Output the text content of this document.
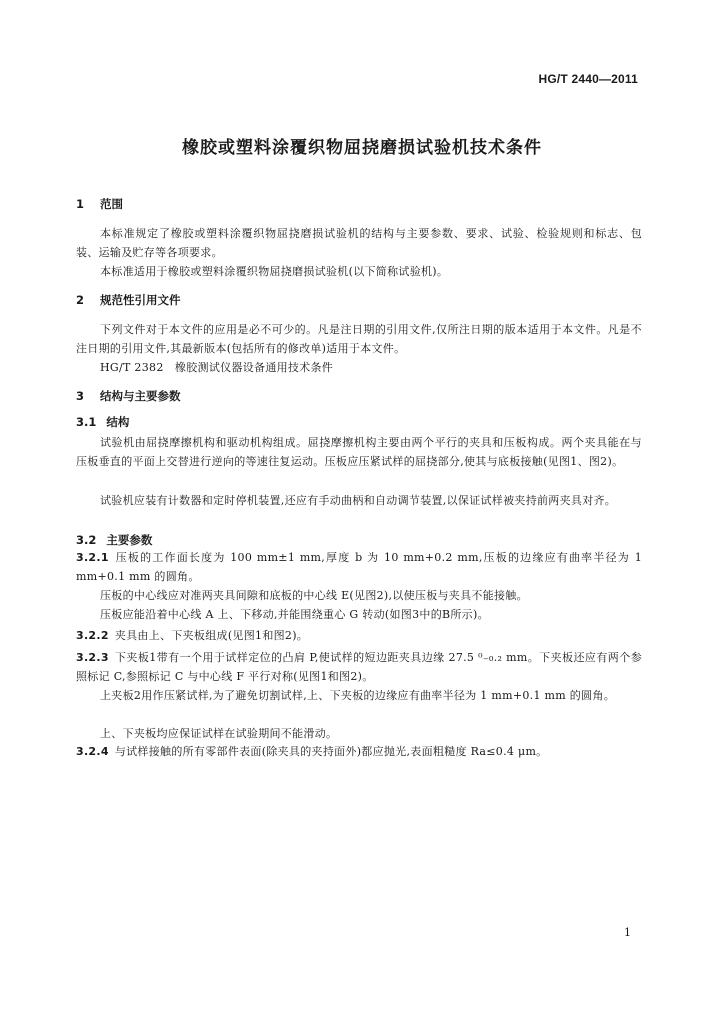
HG/T 2440—2011
橡胶或塑料涂覆织物屈挠磨损试验机技术条件
1 范围
本标准规定了橡胶或塑料涂覆织物屈挠磨损试验机的结构与主要参数、要求、试验、检验规则和标志、包装、运输及贮存等各项要求。
本标准适用于橡胶或塑料涂覆织物屈挠磨损试验机(以下简称试验机)。
2 规范性引用文件
下列文件对于本文件的应用是必不可少的。凡是注日期的引用文件,仅所注日期的版本适用于本文件。凡是不注日期的引用文件,其最新版本(包括所有的修改单)适用于本文件。
HG/T 2382　橡胶测试仪器设备通用技术条件
3 结构与主要参数
3.1 结构
试验机由屈挠摩擦机构和驱动机构组成。屈挠摩擦机构主要由两个平行的夹具和压板构成。两个夹具能在与压板垂直的平面上交替进行逆向的等速往复运动。压板应压紧试样的屈挠部分,使其与底板接触(见图1、图2)。
试验机应装有计数器和定时停机装置,还应有手动曲柄和自动调节装置,以保证试样被夹持前两夹具对齐。
3.2 主要参数
3.2.1 压板的工作面长度为 100 mm±1 mm,厚度 b 为 10 mm+0.2 mm,压板的边缘应有曲率半径为 1 mm+0.1 mm 的圆角。
压板的中心线应对准两夹具间隙和底板的中心线 E(见图2),以使压板与夹具不能接触。
压板应能沿着中心线 A 上、下移动,并能围绕重心 G 转动(如图3中的B所示)。
3.2.2 夹具由上、下夹板组成(见图1和图2)。
3.2.3 下夹板1带有一个用于试样定位的凸肩 P,使试样的短边距夹具边缘 27.5 ⁰₋₀.₂ mm。下夹板还应有两个参照标记 C,参照标记 C 与中心线 F 平行对称(见图1和图2)。
上夹板2用作压紧试样,为了避免切割试样,上、下夹板的边缘应有曲率半径为 1 mm+0.1 mm 的圆角。
上、下夹板均应保证试样在试验期间不能滑动。
3.2.4 与试样接触的所有零部件表面(除夹具的夹持面外)都应抛光,表面粗糙度 Ra≤0.4 μm。
1
